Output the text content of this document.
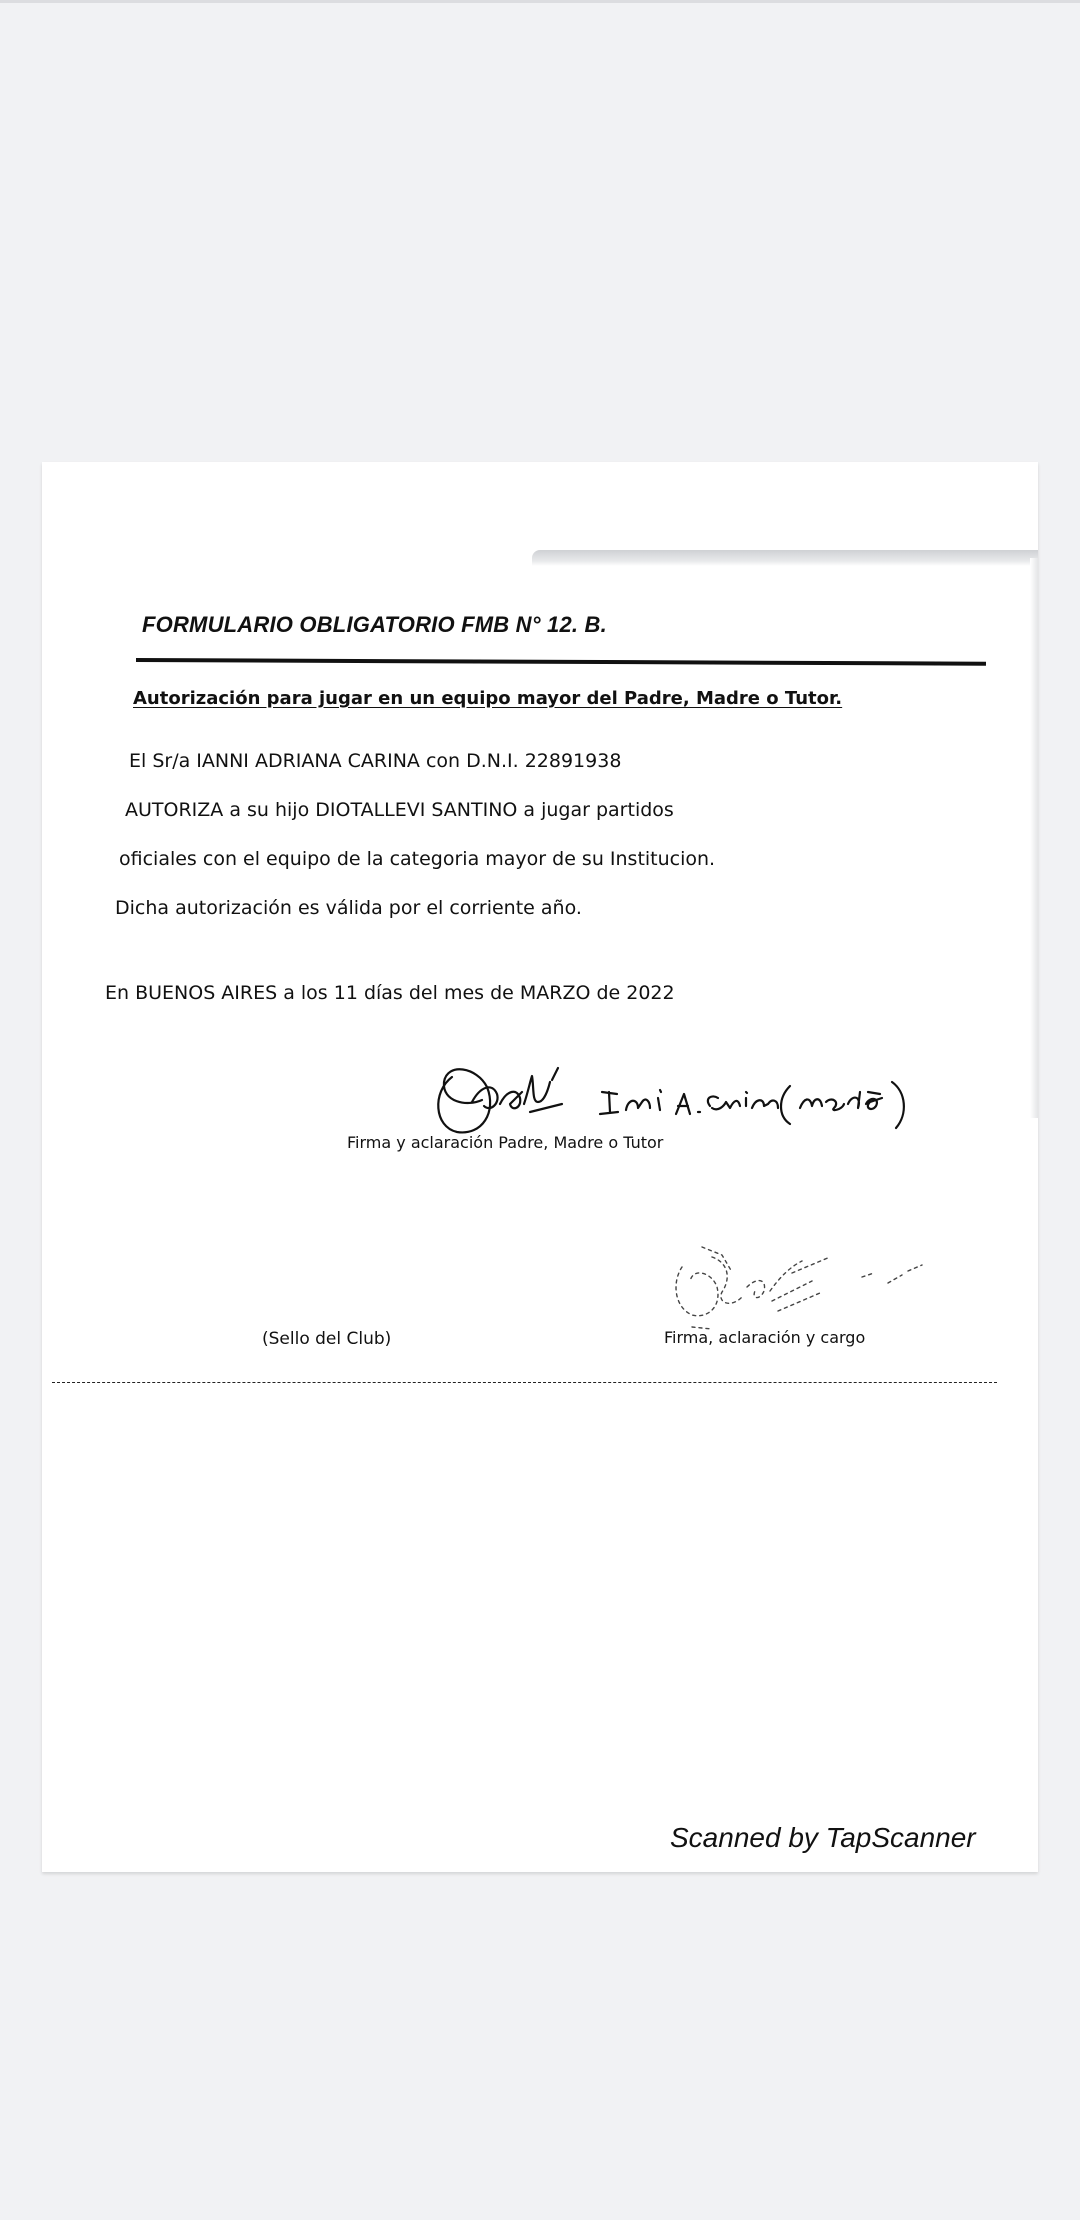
FORMULARIO OBLIGATORIO FMB N° 12. B.
Autorización para jugar en un equipo mayor del Padre, Madre o Tutor.
El Sr/a IANNI ADRIANA CARINA con D.N.I. 22891938
AUTORIZA a su hijo DIOTALLEVI SANTINO a jugar partidos
oficiales con el equipo de la categoria mayor de su Institucion.
Dicha autorización es válida por el corriente año.
En BUENOS AIRES a los 11 días del mes de MARZO de 2022
Firma y aclaración Padre, Madre o Tutor
(Sello del Club)	Firma, aclaración y cargo
Scanned by TapScanner
